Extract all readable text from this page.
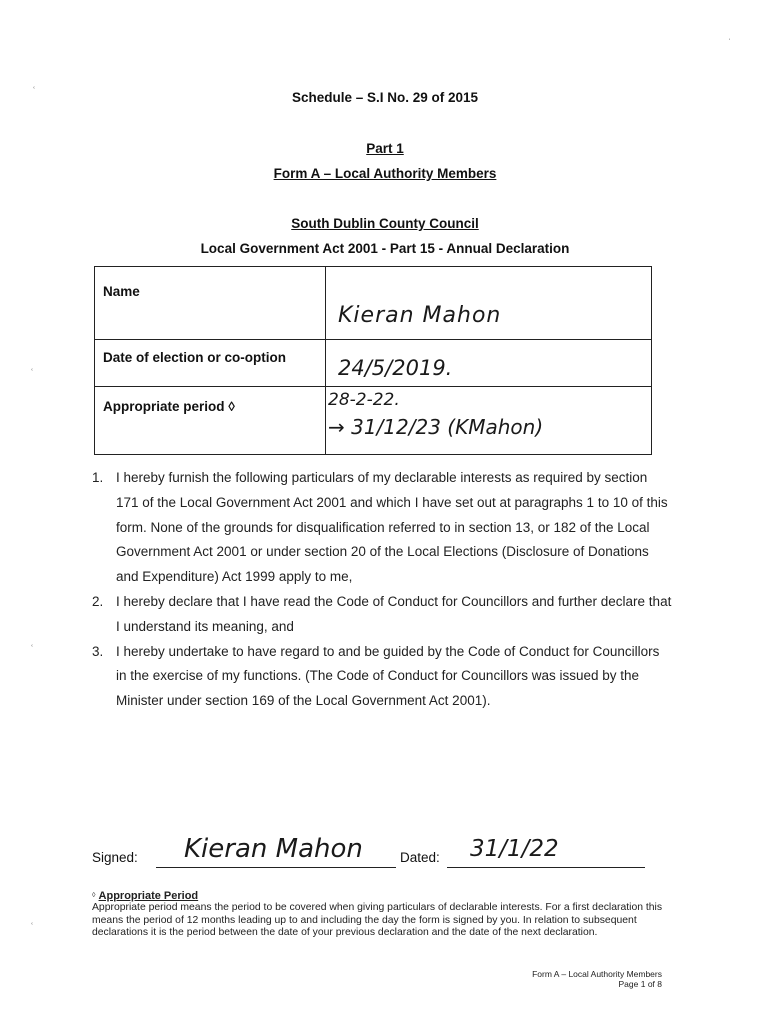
Schedule – S.I No. 29 of 2015
Part 1
Form A – Local Authority Members
South Dublin County Council
Local Government Act 2001 - Part 15 - Annual Declaration
Name	Kieran Mahon

Date of election or co-option	24/5/2019.

Appropriate period ◊	28-2-22.
→ 31/12/23 (KMahon)
1. I hereby furnish the following particulars of my declarable interests as required by section 171 of the Local Government Act 2001 and which I have set out at paragraphs 1 to 10 of this form. None of the grounds for disqualification referred to in section 13, or 182 of the Local Government Act 2001 or under section 20 of the Local Elections (Disclosure of Donations and Expenditure) Act 1999 apply to me,
2. I hereby declare that I have read the Code of Conduct for Councillors and further declare that I understand its meaning, and
3. I hereby undertake to have regard to and be guided by the Code of Conduct for Councillors in the exercise of my functions. (The Code of Conduct for Councillors was issued by the Minister under section 169 of the Local Government Act 2001).
Signed: Kieran Mahon	Dated: 31/1/22
◊ Appropriate Period
Appropriate period means the period to be covered when giving particulars of declarable interests. For a first declaration this means the period of 12 months leading up to and including the day the form is signed by you. In relation to subsequent declarations it is the period between the date of your previous declaration and the date of the next declaration.
Form A – Local Authority Members
Page 1 of 8
ʿ
ʿ
ʿ
ʿ
ˌ
